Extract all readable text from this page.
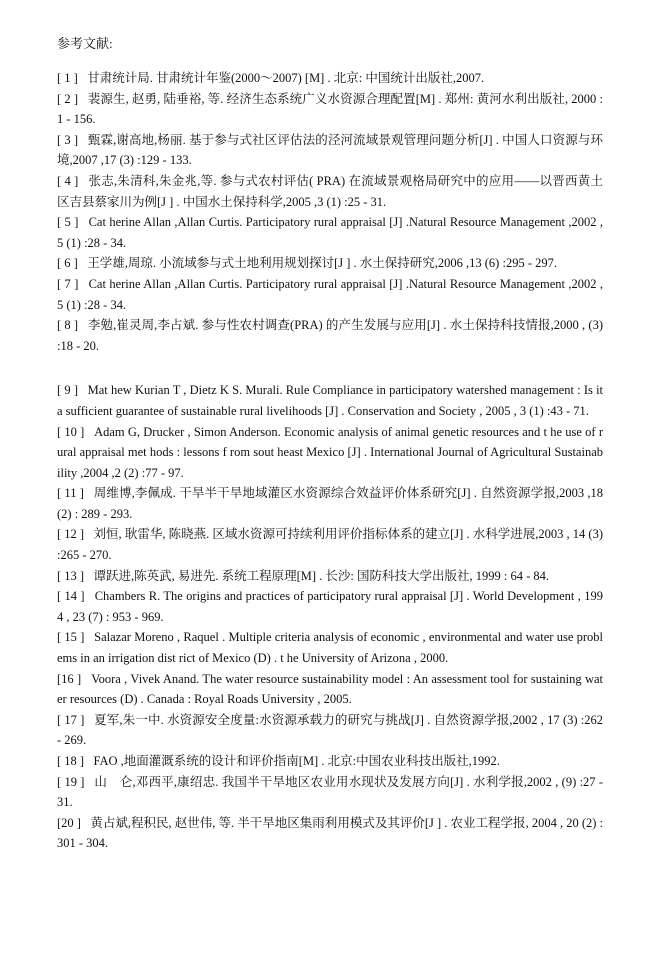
参考文献:

[ 1 ] 甘肃统计局. 甘肃统计年鉴(2000～2007) [M] . 北京: 中国统计出版社,2007.

[ 2 ] 裴源生, 赵勇, 陆垂裕, 等. 经济生态系统广义水资源合理配置[M] . 郑州: 黄河水利出版社, 2000 : 1 - 156.

[ 3 ] 甄霖,谢高地,杨丽. 基于参与式社区评估法的泾河流域景观管理问题分析[J] . 中国人口资源与环境,2007 ,17 (3) :129 - 133.

[ 4 ] 张志,朱清科,朱金兆,等. 参与式农村评估( PRA) 在流域景观格局研究中的应用——以晋西黄土区吉县蔡家川为例[J ] . 中国水土保持科学,2005 ,3 (1) :25 - 31.

[ 5 ] Cat herine Allan ,Allan Curtis. Participatory rural appraisal [J] .Natural Resource Management ,2002 ,5 (1) :28 - 34.

[ 6 ] 王学雄,周琼. 小流域参与式土地利用规划探讨[J ] . 水土保持研究,2006 ,13 (6) :295 - 297.

[ 7 ] Cat herine Allan ,Allan Curtis. Participatory rural appraisal [J] .Natural Resource Management ,2002 ,5 (1) :28 - 34.

[ 8 ] 李勉,崔灵周,李占斌. 参与性农村调查(PRA) 的产生发展与应用[J] . 水土保持科技情报,2000 , (3) :18 - 20.

[ 9 ] Mat hew Kurian T , Dietz K S. Murali. Rule Compliance in participatory watershed management : Is it a sufficient guarantee of sustainable rural livelihoods [J] . Conservation and Society , 2005 , 3 (1) :43 - 71.

[ 10 ] Adam G, Drucker , Simon Anderson. Economic analysis of animal genetic resources and t he use of rural appraisal met hods : lessons f rom sout heast Mexico [J] . International Journal of Agricultural Sustainability ,2004 ,2 (2) :77 - 97.

[ 11 ] 周维博,李佩成. 干旱半干旱地域灌区水资源综合效益评价体系研究[J] . 自然资源学报,2003 ,18 (2) : 289 - 293.

[ 12 ] 刘恒, 耿雷华, 陈晓燕. 区域水资源可持续利用评价指标体系的建立[J] . 水科学进展,2003 , 14 (3) :265 - 270.

[ 13 ] 谭跃进,陈英武, 易进先. 系统工程原理[M] . 长沙: 国防科技大学出版社, 1999 : 64 - 84.

[ 14 ] Chambers R. The origins and practices of participatory rural appraisal [J] . World Development , 1994 , 23 (7) : 953 - 969.

[ 15 ] Salazar Moreno , Raquel . Multiple criteria analysis of economic , environmental and water use problems in an irrigation dist rict of Mexico (D) . t he University of Arizona , 2000.

[16 ] Voora , Vivek Anand. The water resource sustainability model : An assessment tool for sustaining water resources (D) . Canada : Royal Roads University , 2005.

[ 17 ] 夏军,朱一中. 水资源安全度量:水资源承载力的研究与挑战[J] . 自然资源学报,2002 , 17 (3) :262 - 269.

[ 18 ] FAO ,地面灌溉系统的设计和评价指南[M] . 北京:中国农业科技出版社,1992.

[ 19 ] 山　仑,邓西平,康绍忠. 我国半干旱地区农业用水现状及发展方向[J] . 水利学报,2002 , (9) :27 - 31.

[20 ] 黄占斌,程积民, 赵世伟, 等. 半干旱地区集雨利用模式及其评价[J ] . 农业工程学报, 2004 , 20 (2) : 301 - 304.
